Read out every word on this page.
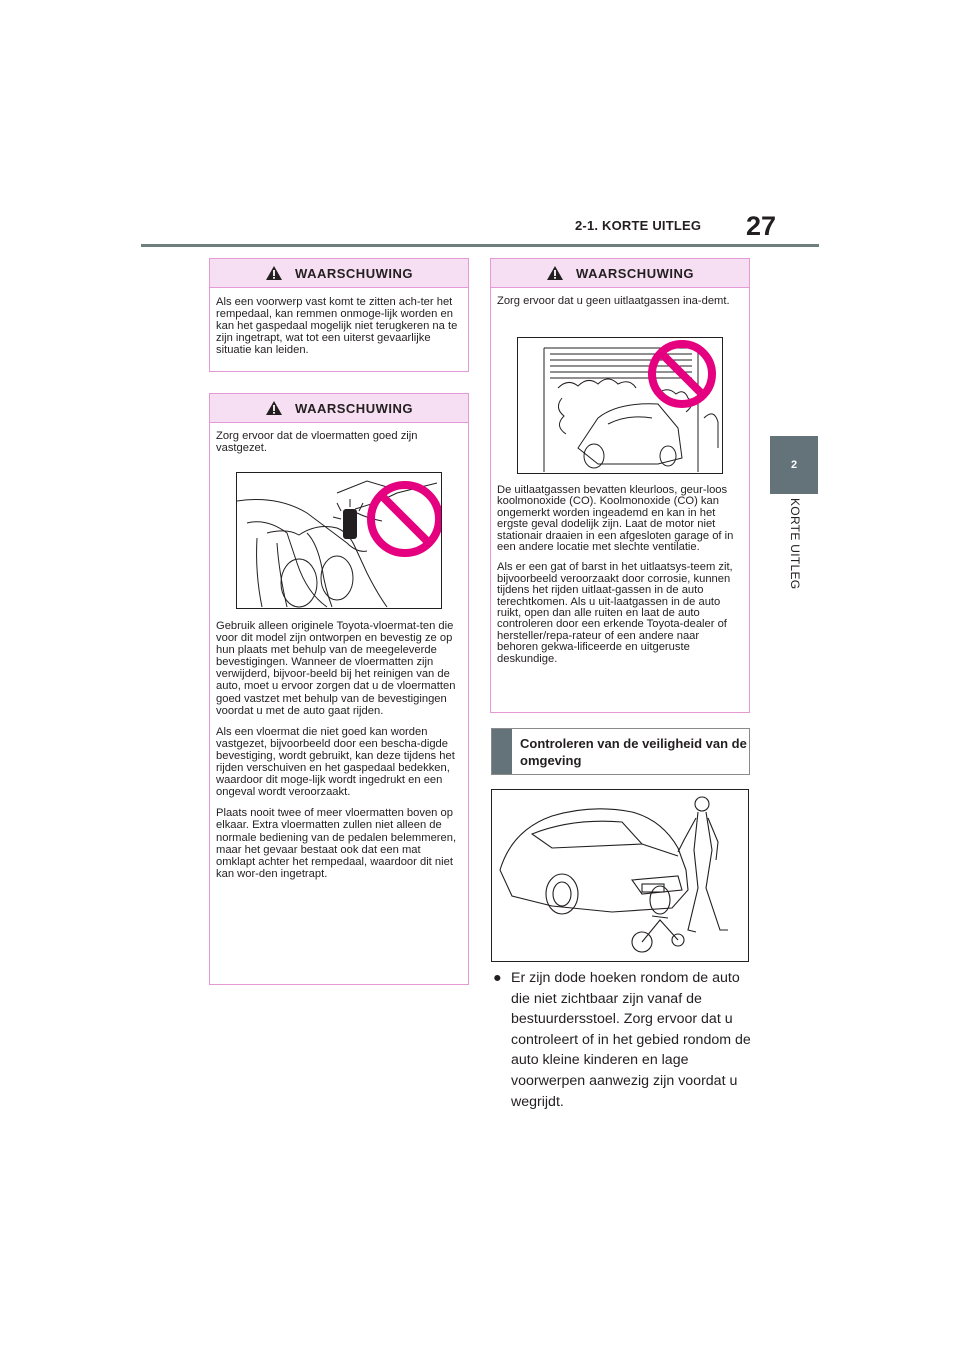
2-1. KORTE UITLEG 27
2
KORTE UITLEG
WAARSCHUWING

Als een voorwerp vast komt te zitten ach-ter het rempedaal, kan remmen onmoge-lijk worden en kan het gaspedaal mogelijk niet terugkeren na te zijn ingetrapt, wat tot een uiterst gevaarlijke situatie kan leiden.

WAARSCHUWING

Zorg ervoor dat de vloermatten goed zijn vastgezet.

Gebruik alleen originele Toyota-vloermat-ten die voor dit model zijn ontworpen en bevestig ze op hun plaats met behulp van de meegeleverde bevestigingen. Wanneer de vloermatten zijn verwijderd, bijvoor-beeld bij het reinigen van de auto, moet u ervoor zorgen dat u de vloermatten goed vastzet met behulp van de bevestigingen voordat u met de auto gaat rijden.

Als een vloermat die niet goed kan worden vastgezet, bijvoorbeeld door een bescha-digde bevestiging, wordt gebruikt, kan deze tijdens het rijden verschuiven en het gaspedaal bedekken, waardoor dit moge-lijk wordt ingedrukt en een ongeval wordt veroorzaakt.

Plaats nooit twee of meer vloermatten boven op elkaar. Extra vloermatten zullen niet alleen de normale bediening van de pedalen belemmeren, maar het gevaar bestaat ook dat een mat omklapt achter het rempedaal, waardoor dit niet kan wor-den ingetrapt.

WAARSCHUWING

Zorg ervoor dat u geen uitlaatgassen ina-demt.

De uitlaatgassen bevatten kleurloos, geur-loos koolmonoxide (CO). Koolmonoxide (CO) kan ongemerkt worden ingeademd en kan in het ergste geval dodelijk zijn. Laat de motor niet stationair draaien in een afgesloten garage of in een andere locatie met slechte ventilatie.

Als er een gat of barst in het uitlaatsys-teem zit, bijvoorbeeld veroorzaakt door corrosie, kunnen tijdens het rijden uitlaat-gassen in de auto terechtkomen. Als u uit-laatgassen in de auto ruikt, open dan alle ruiten en laat de auto controleren door een erkende Toyota-dealer of hersteller/repa-rateur of een andere naar behoren gekwa-lificeerde en uitgeruste deskundige.

Controleren van de veiligheid van de omgeving
● Er zijn dode hoeken rondom de auto die niet zichtbaar zijn vanaf de bestuurdersstoel. Zorg ervoor dat u controleert of in het gebied rondom de auto kleine kinderen en lage voorwerpen aanwezig zijn voordat u wegrijdt.
